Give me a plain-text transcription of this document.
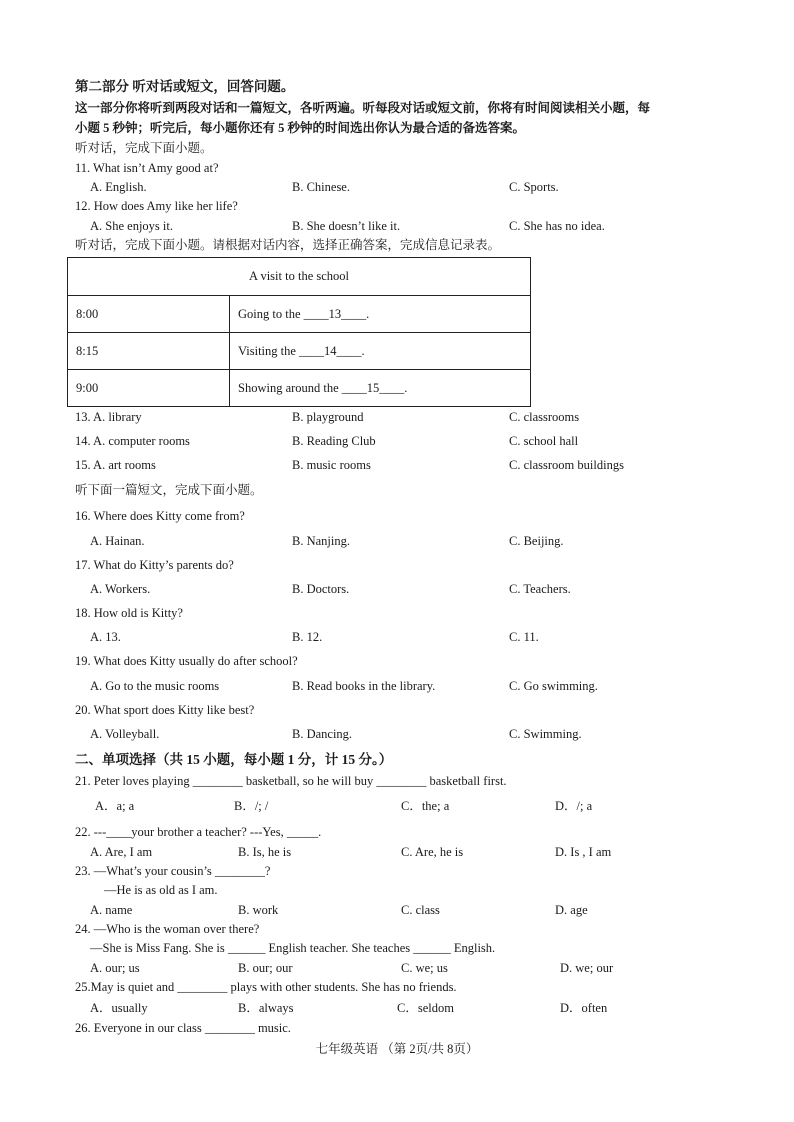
第二部分 听对话或短文，回答问题。
这一部分你将听到两段对话和一篇短文，各听两遍。听每段对话或短文前，你将有时间阅读相关小题，每
小题 5 秒钟；听完后，每小题你还有 5 秒钟的时间选出你认为最合适的备选答案。
听对话，完成下面小题。
11. What isn’t Amy good at?
A. English.	B. Chinese.	C. Sports.
12. How does Amy like her life?
A. She enjoys it.	B. She doesn’t like it.	C. She has no idea.
听对话，完成下面小题。请根据对话内容，选择正确答案，完成信息记录表。
A visit to the school	
8:00	Going to the ____13____.
8:15	Visiting the ____14____.
9:00	Showing around the ____15____.
13. A. library	B. playground	C. classrooms
14. A. computer rooms	B. Reading Club	C. school hall
15. A. art rooms	B. music rooms	C. classroom buildings
听下面一篇短文，完成下面小题。
16. Where does Kitty come from?
A. Hainan.	B. Nanjing.	C. Beijing.
17. What do Kitty’s parents do?
A. Workers.	B. Doctors.	C. Teachers.
18. How old is Kitty?
A. 13.	B. 12.	C. 11.
19. What does Kitty usually do after school?
A. Go to the music rooms	B. Read books in the library.	C. Go swimming.
20. What sport does Kitty like best?
A. Volleyball.	B. Dancing.	C. Swimming.
二、单项选择（共 15 小题，每小题 1 分，计 15 分。）
21. Peter loves playing ________ basketball, so he will buy ________ basketball first.
A．a; a	B．/; /	C．the; a	D．/; a
22. ---____your brother a teacher? ---Yes, _____.
A. Are, I am	B. Is, he is	C. Are, he is	D. Is , I am
23. —What’s your cousin’s ________?
—He is as old as I am.
A. name	B. work	C. class	D. age
24. —Who is the woman over there?
—She is Miss Fang. She is ______ English teacher. She teaches ______ English.
A. our; us	B. our; our	C. we; us	D. we; our
25.May is quiet and ________ plays with other students. She has no friends.
A．usually	B．always	C．seldom	D．often
26. Everyone in our class ________ music.
七年级英语 （第 2页/共 8页）
